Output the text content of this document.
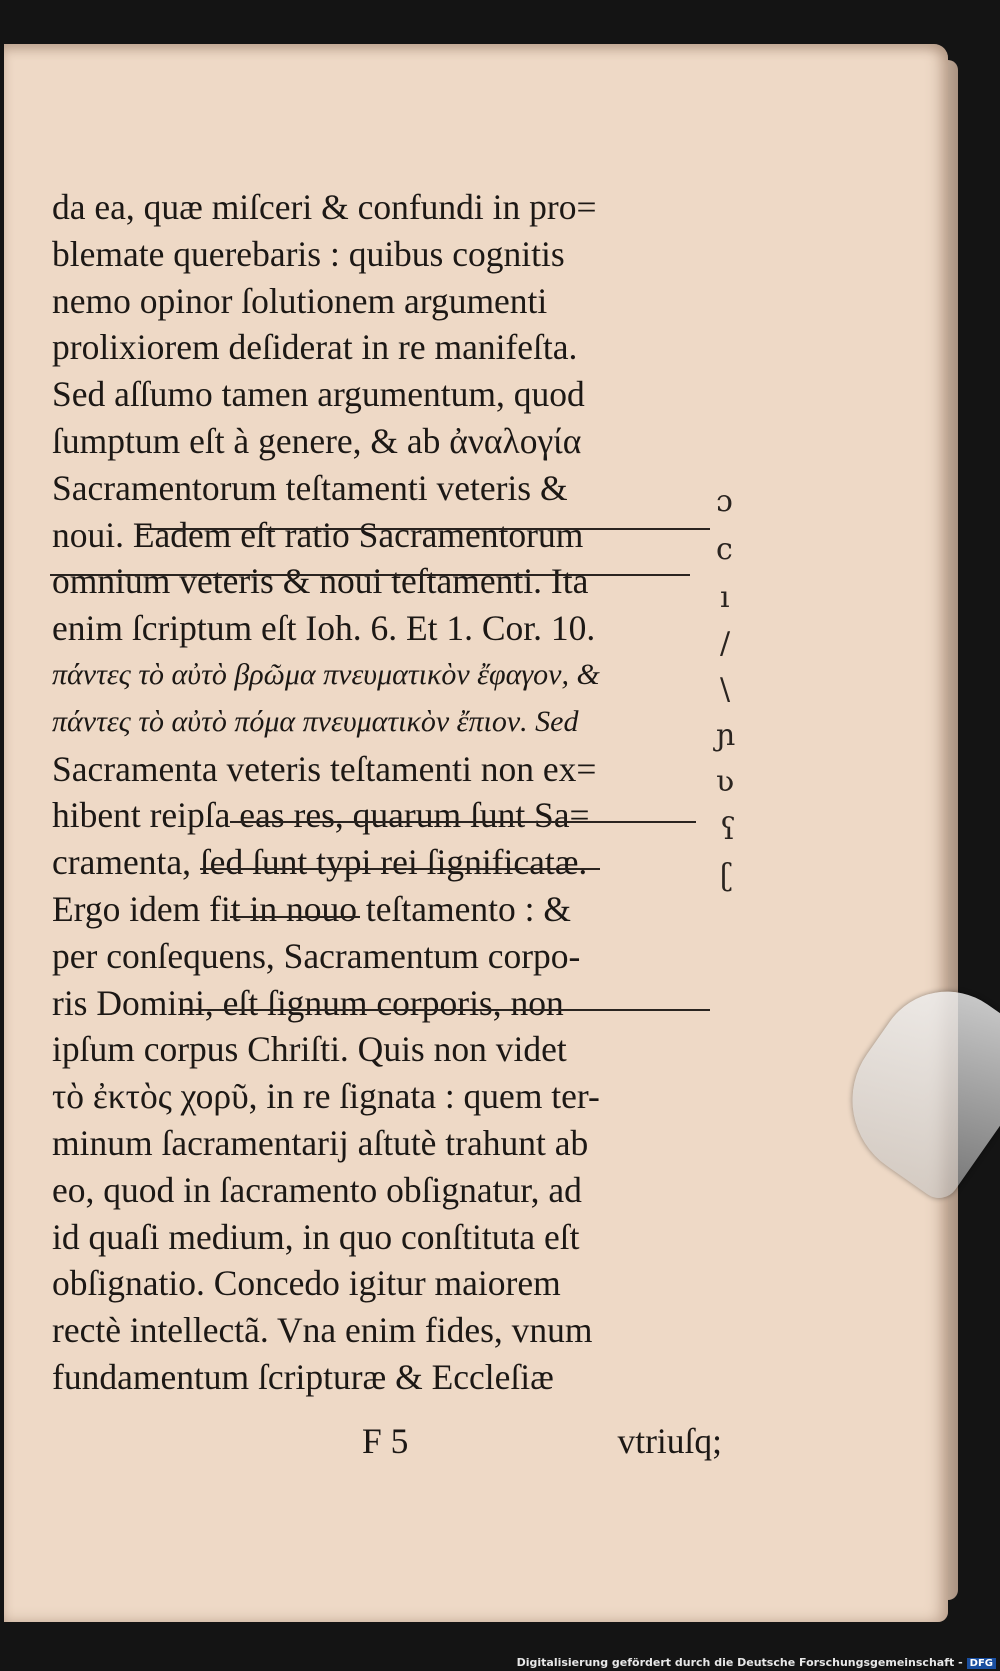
da ea, quæ miſceri & confundi in pro=
blemate querebaris : quibus cognitis
nemo opinor ſolutionem argumenti
prolixiorem deſiderat in re manifeſta.
Sed aſſumo tamen argumentum, quod
ſumptum eſt à genere, & ab ἀναλογία
Sacramentorum teſtamenti veteris &
noui. Eadem eſt ratio Sacramentorum
omnium veteris & noui teſtamenti. Ita
enim ſcriptum eſt Ioh. 6. Et 1. Cor. 10.
πάντες τὸ αὐτὸ βρῶμα πνευματικὸν ἔφαγον, &
πάντες τὸ αὐτὸ πόμα πνευματικὸν ἔπιον. Sed
Sacramenta veteris teſtamenti non ex=
hibent reipſa eas res, quarum ſunt Sa=
cramenta, ſed ſunt typi rei ſignificatæ.
Ergo idem fit in nouo teſtamento : &
per conſequens, Sacramentum corpo-
ris Domini, eſt ſignum corporis, non
ipſum corpus Chriſti. Quis non videt
τὸ ἐκτὸς χορῦ, in re ſignata : quem ter-
minum ſacramentarij aſtutè trahunt ab
eo, quod in ſacramento obſignatur, ad
id quaſi medium, in quo conſtituta eſt
obſignatio. Concedo igitur maiorem
rectè intellectã. Vna enim fides, vnum
fundamentum ſcripturæ & Eccleſiæ
ɔ
c
ı
/
\
ɲ
ʋ
ʕ
ʗ
F 5	vtriuſq;
Digitalisierung gefördert durch die Deutsche Forschungsgemeinschaft - DFG
